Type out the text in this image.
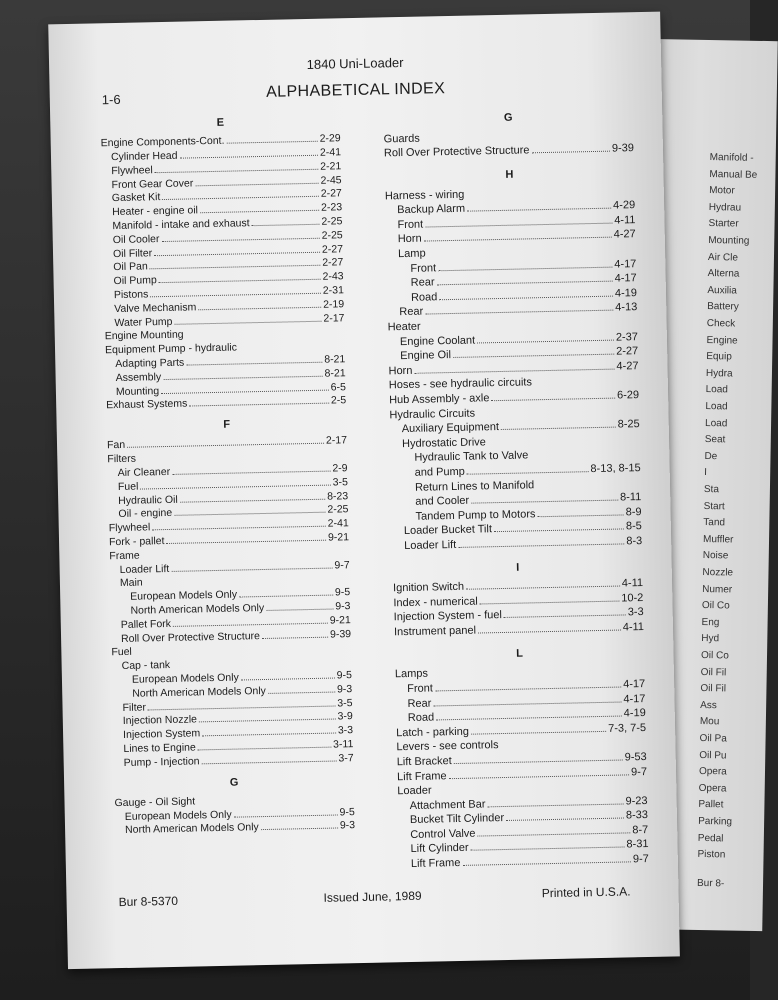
Manifold -
Manual Be
Motor
Hydrau
Starter
Mounting
Air Cle
Alterna
Auxilia
Battery
Check
Engine
Equip
Hydra
Load
Load
Load
Seat
De
I
Sta
Start
Tand
Muffler
Noise
Nozzle
Numer
Oil Co
Eng
Hyd
Oil Co
Oil Fil
Oil Fil
Ass
Mou
Oil Pa
Oil Pu
Opera
Opera
Pallet
Parking
Pedal
Piston
Bur 8-
1840 Uni-Loader
1-6	ALPHABETICAL INDEX
E
Engine Components-Cont.	2-29
Cylinder Head	2-41
Flywheel	2-21
Front Gear Cover	2-45
Gasket Kit	2-27
Heater - engine oil	2-23
Manifold - intake and exhaust	2-25
Oil Cooler	2-25
Oil Filter	2-27
Oil Pan	2-27
Oil Pump	2-43
Pistons	2-31
Valve Mechanism	2-19
Water Pump	2-17
Engine Mounting
Equipment Pump - hydraulic
Adapting Parts	8-21
Assembly	8-21
Mounting	6-5
Exhaust Systems	2-5
F
Fan	2-17
Filters
Air Cleaner	2-9
Fuel	3-5
Hydraulic Oil	8-23
Oil - engine	2-25
Flywheel	2-41
Fork - pallet	9-21
Frame
Loader Lift	9-7
Main
European Models Only	9-5
North American Models Only	9-3
Pallet Fork	9-21
Roll Over Protective Structure	9-39
Fuel
Cap - tank
European Models Only	9-5
North American Models Only	9-3
Filter	3-5
Injection Nozzle	3-9
Injection System	3-3
Lines to Engine	3-11
Pump - Injection	3-7
G
Gauge - Oil Sight
European Models Only	9-5
North American Models Only	9-3
G
Guards
Roll Over Protective Structure	9-39
H
Harness - wiring
Backup Alarm	4-29
Front	4-11
Horn	4-27
Lamp
Front	4-17
Rear	4-17
Road	4-19
Rear	4-13
Heater
Engine Coolant	2-37
Engine Oil	2-27
Horn	4-27
Hoses - see hydraulic circuits
Hub Assembly - axle	6-29
Hydraulic Circuits
Auxiliary Equipment	8-25
Hydrostatic Drive
Hydraulic Tank to Valve
and Pump	8-13, 8-15
Return Lines to Manifold
and Cooler	8-11
Tandem Pump to Motors	8-9
Loader Bucket Tilt	8-5
Loader Lift	8-3
I
Ignition Switch	4-11
Index - numerical	10-2
Injection System - fuel	3-3
Instrument panel	4-11
L
Lamps
Front	4-17
Rear	4-17
Road	4-19
Latch - parking	7-3, 7-5
Levers - see controls
Lift Bracket	9-53
Lift Frame	9-7
Loader
Attachment Bar	9-23
Bucket Tilt Cylinder	8-33
Control Valve	8-7
Lift Cylinder	8-31
Lift Frame	9-7
Bur 8-5370	Issued June, 1989	Printed in U.S.A.
